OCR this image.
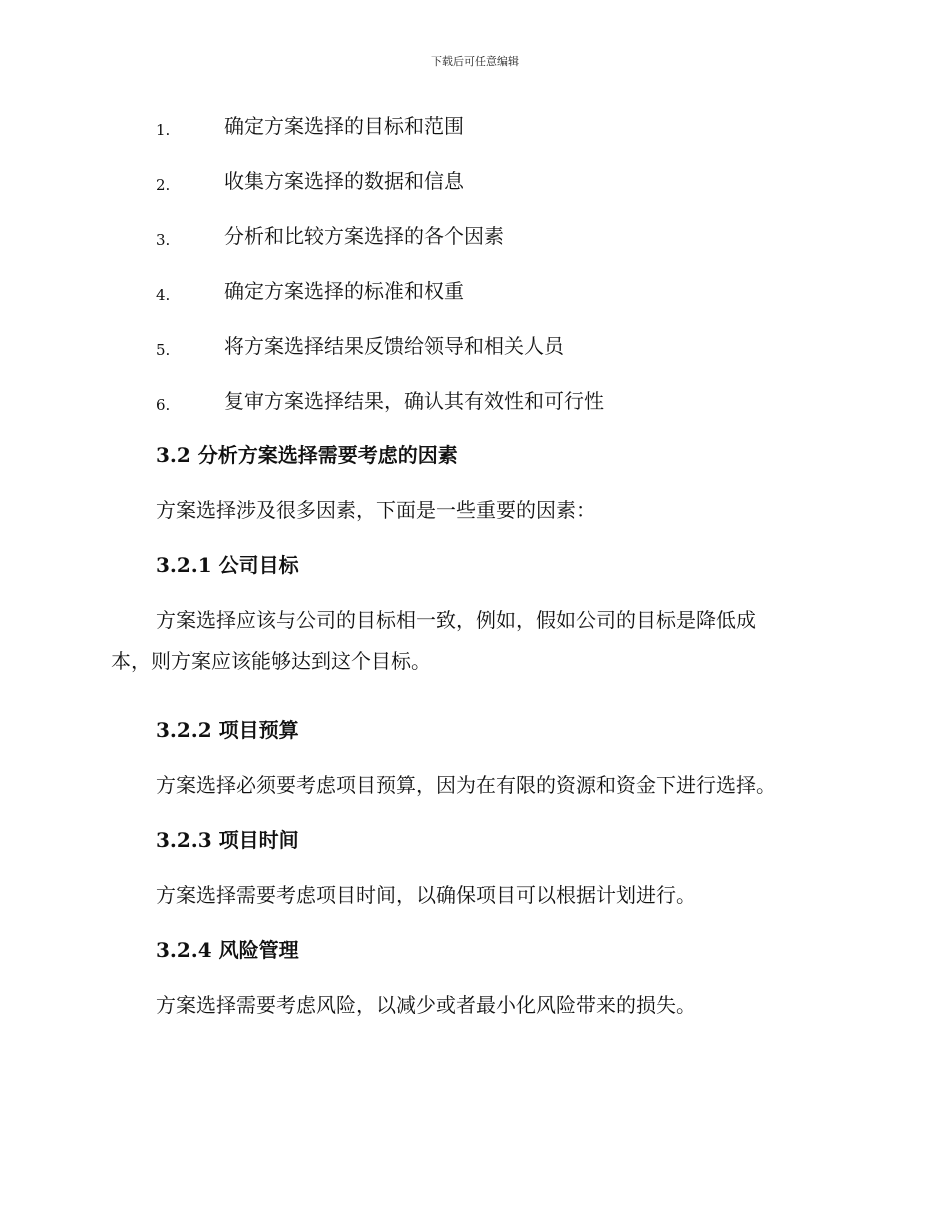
下载后可任意编辑
1.	确定方案选择的目标和范围
2.	收集方案选择的数据和信息
3.	分析和比较方案选择的各个因素
4.	确定方案选择的标准和权重
5.	将方案选择结果反馈给领导和相关人员
6.	复审方案选择结果，确认其有效性和可行性
3.2 分析方案选择需要考虑的因素

方案选择涉及很多因素，下面是一些重要的因素：

3.2.1 公司目标

方案选择应该与公司的目标相一致，例如，假如公司的目标是降低成
本，则方案应该能够达到这个目标。

3.2.2 项目预算

方案选择必须要考虑项目预算，因为在有限的资源和资金下进行选择。

3.2.3 项目时间

方案选择需要考虑项目时间，以确保项目可以根据计划进行。

3.2.4 风险管理

方案选择需要考虑风险，以减少或者最小化风险带来的损失。
